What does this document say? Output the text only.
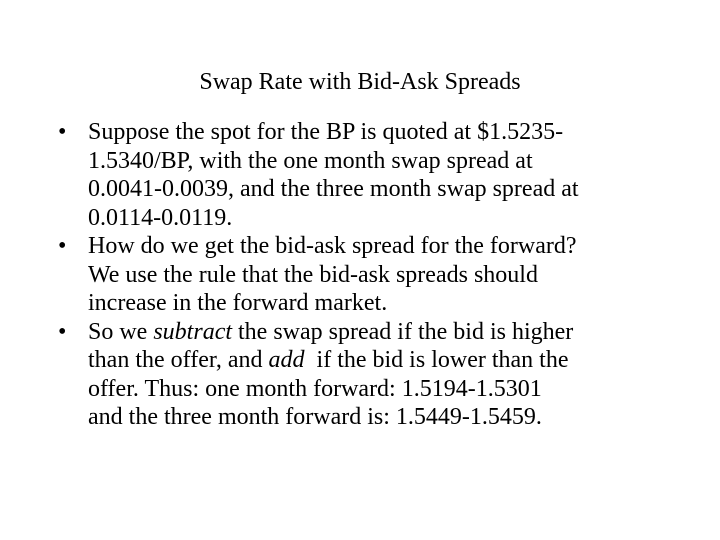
Swap Rate with Bid-Ask Spreads
• Suppose the spot for the BP is quoted at $1.5235-
1.5340/BP, with the one month swap spread at
0.0041-0.0039, and the three month swap spread at
0.0114-0.0119.
• How do we get the bid-ask spread for the forward?
We use the rule that the bid-ask spreads should
increase in the forward market.
• So we subtract the swap spread if the bid is higher
than the offer, and add  if the bid is lower than the
offer. Thus: one month forward: 1.5194-1.5301
and the three month forward is: 1.5449-1.5459.
